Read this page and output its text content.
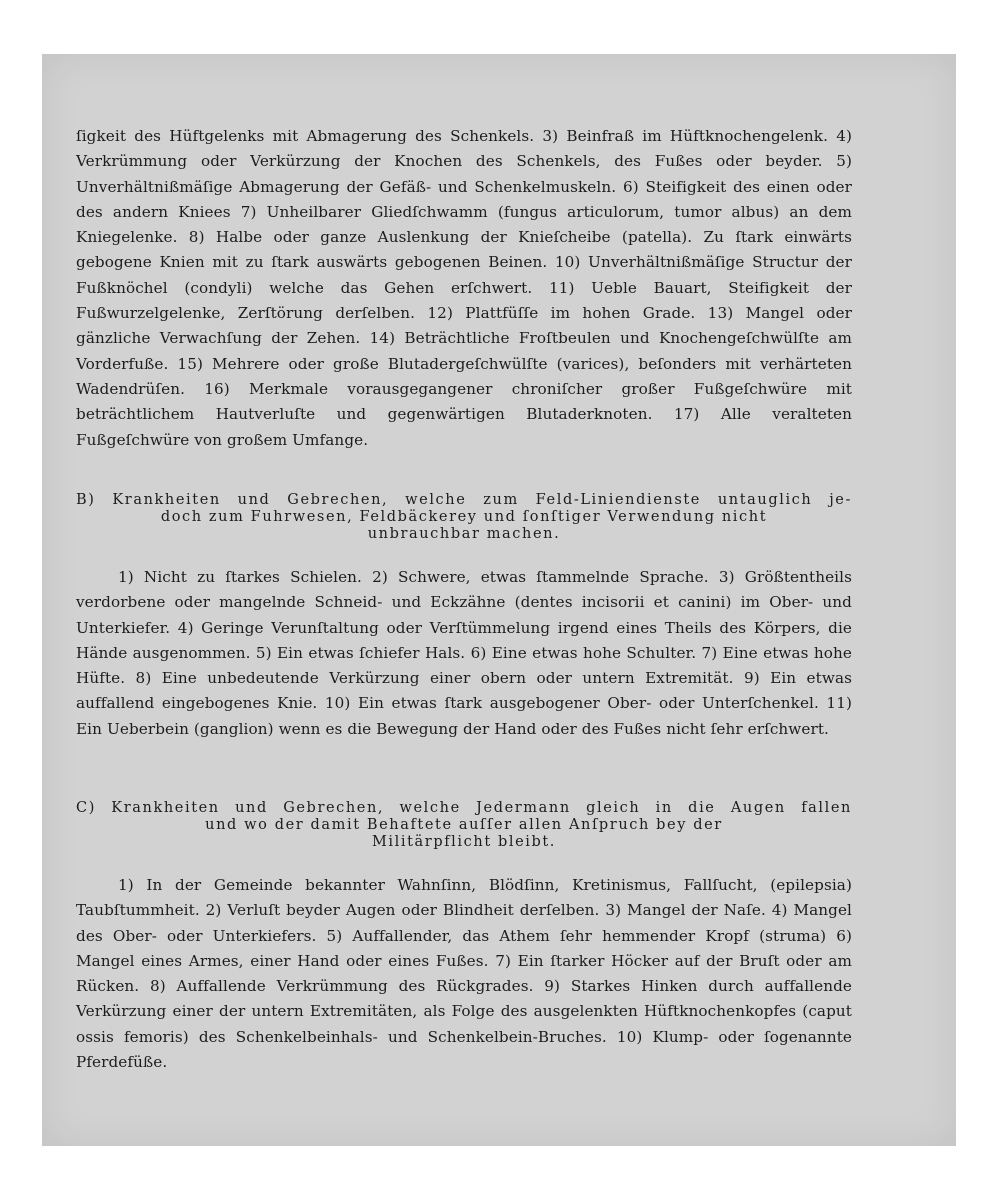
ſigkeit des Hüftgelenks mit Abmagerung des Schenkels. 3) Beinfraß im Hüftknochengelenk. 4) Verkrümmung oder Verkürzung der Knochen des Schenkels, des Fußes oder beyder. 5) Unverhältnißmäſige Abmagerung der Gefäß- und Schenkelmuskeln. 6) Steifigkeit des einen oder des andern Kniees 7) Unheilbarer Gliedſchwamm (fungus articulorum, tumor albus) an dem Kniegelenke. 8) Halbe oder ganze Auslenkung der Knieſcheibe (patella). Zu ſtark einwärts gebogene Knien mit zu ſtark auswärts gebogenen Beinen. 10) Unverhältnißmäſige Structur der Fußknöchel (condyli) welche das Gehen erſchwert. 11) Ueble Bauart, Steifigkeit der Fußwurzelgelenke, Zerſtörung derſelben. 12) Plattfüſſe im hohen Grade. 13) Mangel oder gänzliche Verwachſung der Zehen. 14) Beträchtliche Froſtbeulen und Knochengeſchwülſte am Vorderfuße. 15) Mehrere oder große Blutadergeſchwülſte (varices), beſonders mit verhärteten Wadendrüſen. 16) Merkmale vorausgegangener chroniſcher großer Fußgeſchwüre mit beträchtlichem Hautverluſte und gegenwärtigen Blutaderknoten. 17) Alle veralteten Fußgeſchwüre von großem Umfange.

B) Krankheiten und Gebrechen, welche zum Feld-Liniendienste untauglich je-
doch zum Fuhrwesen, Feldbäckerey und ſonſtiger Verwendung nicht
unbrauchbar machen.

1) Nicht zu ſtarkes Schielen. 2) Schwere, etwas ſtammelnde Sprache. 3) Größtentheils verdorbene oder mangelnde Schneid- und Eckzähne (dentes incisorii et canini) im Ober- und Unterkiefer. 4) Geringe Verunſtaltung oder Verſtümmelung irgend eines Theils des Körpers, die Hände ausgenommen. 5) Ein etwas ſchiefer Hals. 6) Eine etwas hohe Schulter. 7) Eine etwas hohe Hüfte. 8) Eine unbedeutende Verkürzung einer obern oder untern Extremität. 9) Ein etwas auffallend eingebogenes Knie. 10) Ein etwas ſtark ausgebogener Ober- oder Unterſchenkel. 11) Ein Ueberbein (ganglion) wenn es die Bewegung der Hand oder des Fußes nicht ſehr erſchwert.

C) Krankheiten und Gebrechen, welche Jedermann gleich in die Augen fallen
und wo der damit Behaftete auſſer allen Anſpruch bey der
Militärpflicht bleibt.

1) In der Gemeinde bekannter Wahnſinn, Blödſinn, Kretinismus, Fallſucht, (epilepsia) Taubſtummheit. 2) Verluſt beyder Augen oder Blindheit derſelben. 3) Mangel der Naſe. 4) Mangel des Ober- oder Unterkiefers. 5) Auffallender, das Athem ſehr hemmender Kropf (struma) 6) Mangel eines Armes, einer Hand oder eines Fußes. 7) Ein ſtarker Höcker auf der Bruſt oder am Rücken. 8) Auffallende Verkrümmung des Rückgrades. 9) Starkes Hinken durch auffallende Verkürzung einer der untern Extremitäten, als Folge des ausgelenkten Hüftknochenkopfes (caput ossis femoris) des Schenkelbeinhals- und Schenkelbein-Bruches. 10) Klump- oder ſogenannte Pferdefüße.
